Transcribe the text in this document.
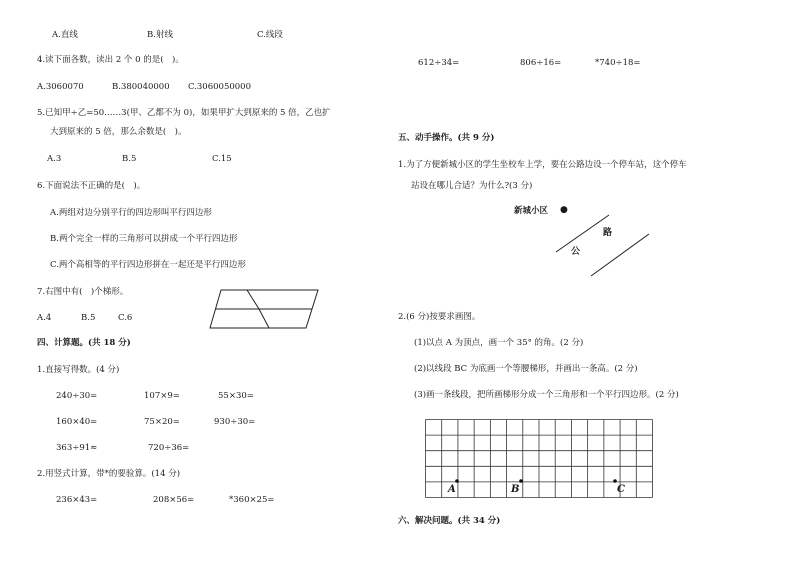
A.直线	B.射线	C.线段
4.读下面各数，读出 2 个 0 的是(　)。
A.3060070	B.380040000 C.3060050000
5.已知甲÷乙=50……3(甲、乙都不为 0)，如果甲扩大到原来的 5 倍，乙也扩
大到原来的 5 倍，那么余数是(　)。
A.3	B.5	C.15
6.下面说法不正确的是(　)。
A.两组对边分别平行的四边形叫平行四边形
B.两个完全一样的三角形可以拼成一个平行四边形
C.两个高相等的平行四边形拼在一起还是平行四边形
7.右图中有(　)个梯形。
A.4	B.5	C.6
四、计算题。(共 18 分)
1.直接写得数。(4 分)
240÷30=	107×9=	55×30=
160×40=	75×20=	930÷30=
363÷91≈	720÷36=
2.用竖式计算，带*的要验算。(14 分)
236×43=	208×56=	*360×25=
612÷34=	806÷16=	*740÷18=
五、动手操作。(共 9 分)
1.为了方便新城小区的学生坐校车上学，要在公路边设一个停车站，这个停车
站设在哪儿合适？为什么?(3 分)
新城小区 ●
公
路
2.(6 分)按要求画图。
(1)以点 A 为顶点，画一个 35° 的角。(2 分)
(2)以线段 BC 为底画一个等腰梯形，并画出一条高。(2 分)
(3)画一条线段，把所画梯形分成一个三角形和一个平行四边形。(2 分)
A	B	C
六、解决问题。(共 34 分)
